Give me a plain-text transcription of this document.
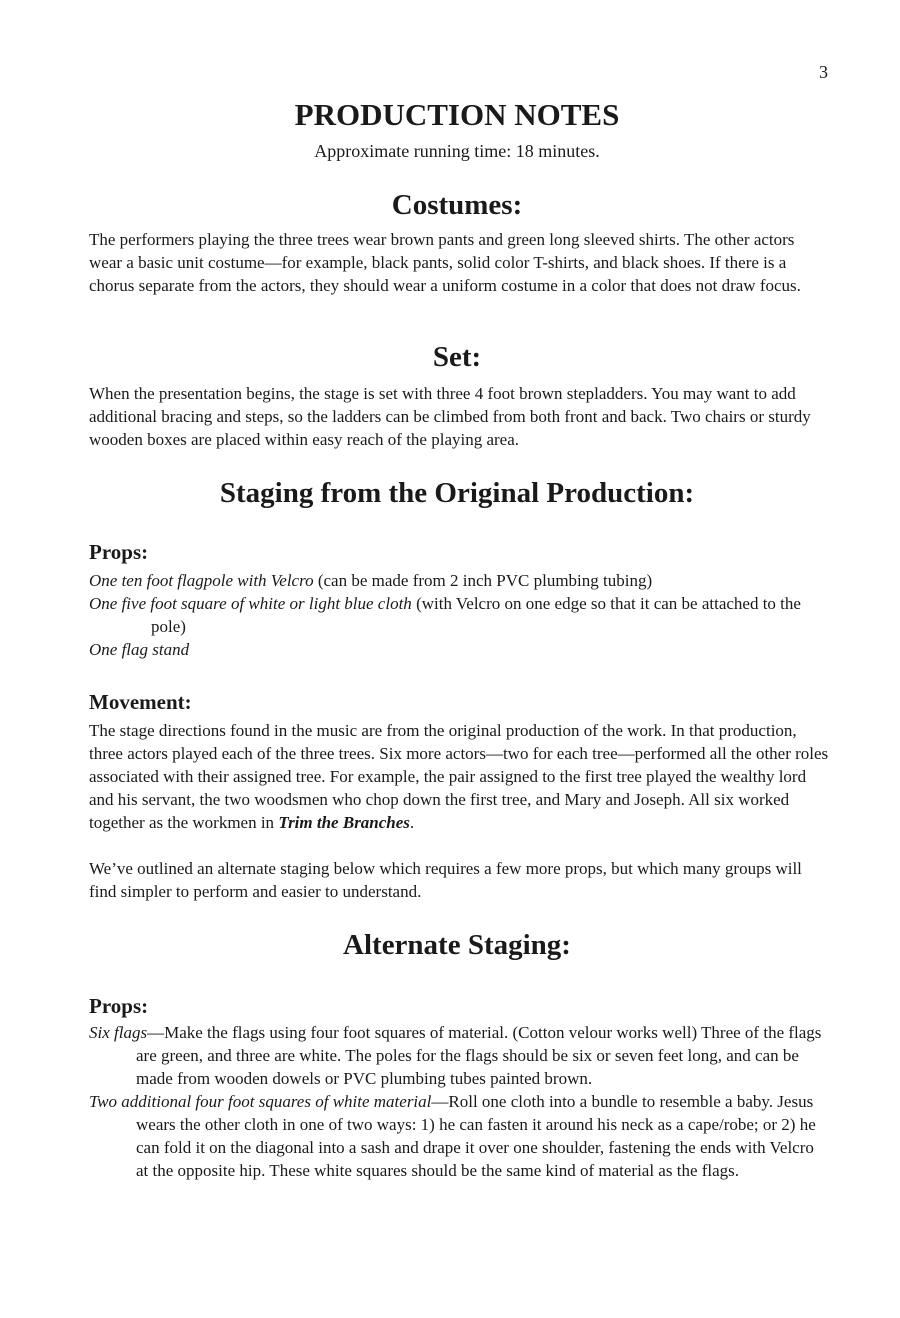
3
PRODUCTION NOTES
Approximate running time: 18 minutes.
Costumes:

The performers playing the three trees wear brown pants and green long sleeved shirts. The other actors wear a basic unit costume—for example, black pants, solid color T-shirts, and black shoes. If there is a chorus separate from the actors, they should wear a uniform costume in a color that does not draw focus.

Set:

When the presentation begins, the stage is set with three 4 foot brown stepladders. You may want to add additional bracing and steps, so the ladders can be climbed from both front and back. Two chairs or sturdy wooden boxes are placed within easy reach of the playing area.

Staging from the Original Production:
Props:

One ten foot flagpole with Velcro (can be made from 2 inch PVC plumbing tubing)

One five foot square of white or light blue cloth (with Velcro on one edge so that it can be attached to the pole)

One flag stand

Movement:

The stage directions found in the music are from the original production of the work. In that production, three actors played each of the three trees. Six more actors—two for each tree—performed all the other roles associated with their assigned tree. For example, the pair assigned to the first tree played the wealthy lord and his servant, the two woodsmen who chop down the first tree, and Mary and Joseph. All six worked together as the workmen in Trim the Branches.

We’ve outlined an alternate staging below which requires a few more props, but which many groups will find simpler to perform and easier to understand.

Alternate Staging:
Props:

Six flags—Make the flags using four foot squares of material. (Cotton velour works well) Three of the flags are green, and three are white. The poles for the flags should be six or seven feet long, and can be made from wooden dowels or PVC plumbing tubes painted brown.

Two additional four foot squares of white material—Roll one cloth into a bundle to resemble a baby. Jesus wears the other cloth in one of two ways: 1) he can fasten it around his neck as a cape/robe; or 2) he can fold it on the diagonal into a sash and drape it over one shoulder, fastening the ends with Velcro at the opposite hip. These white squares should be the same kind of material as the flags.
